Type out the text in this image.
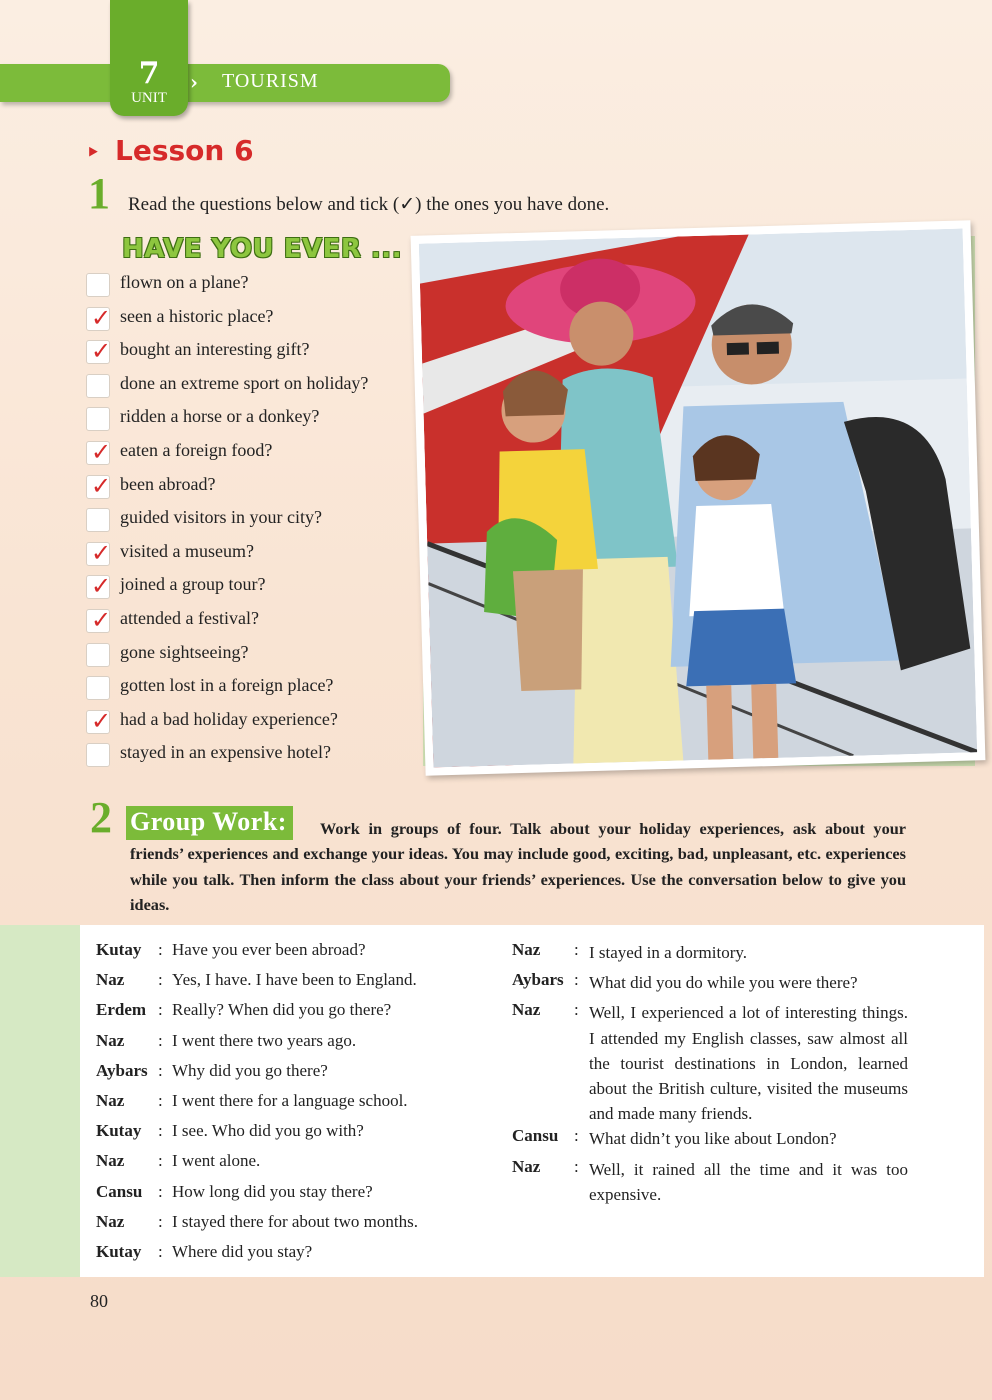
7
UNIT
› TOURISM
‣ Lesson 6
1 Read the questions below and tick (✓) the ones you have done.
HAVE YOU EVER ...
flown on a plane?
✓ seen a historic place?
✓ bought an interesting gift?
done an extreme sport on holiday?
ridden a horse or a donkey?
✓ eaten a foreign food?
✓ been abroad?
guided visitors in your city?
✓ visited a museum?
✓ joined a group tour?
✓ attended a festival?
gone sightseeing?
gotten lost in a foreign place?
✓ had a bad holiday experience?
stayed in an expensive hotel?
2	Work in groups of four. Talk about your holiday experiences, ask about your friends’ experiences and exchange your ideas. You may include good, exciting, bad, unpleasant, etc. experiences while you talk. Then inform the class about your friends’ experiences. Use the conversation below to give you ideas.
Group Work:
Kutay : Have you ever been abroad?
Naz : Yes, I have. I have been to England.
Erdem : Really? When did you go there?
Naz : I went there two years ago.
Aybars : Why did you go there?
Naz : I went there for a language school.
Kutay : I see. Who did you go with?
Naz : I went alone.
Cansu : How long did you stay there?
Naz : I stayed there for about two months.
Kutay : Where did you stay?
Naz : I stayed in a dormitory.
Aybars : What did you do while you were there?
Naz : Well, I experienced a lot of interesting things. I attended my English classes, saw almost all the tourist destinations in London, learned about the British culture, visited the museums and made many friends.
Cansu : What didn’t you like about London?
Naz : Well, it rained all the time and it was too expensive.
80
